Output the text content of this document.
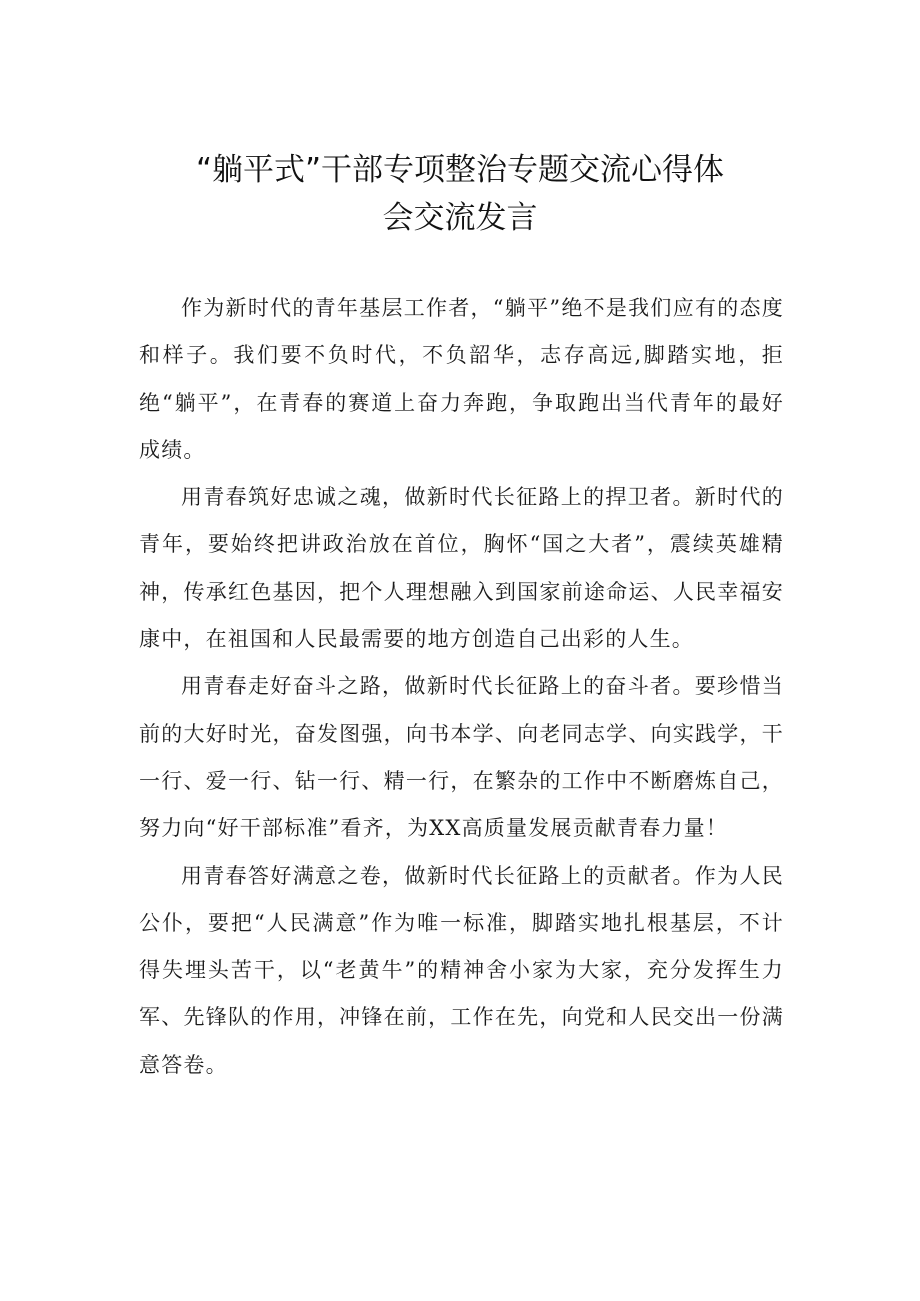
“躺平式”干部专项整治专题交流心得体
会交流发言

作为新时代的青年基层工作者，“躺平”绝不是我们应有的态度和样子。我们要不负时代，不负韶华，志存高远,脚踏实地，拒绝“躺平”，在青春的赛道上奋力奔跑，争取跑出当代青年的最好成绩。

用青春筑好忠诚之魂，做新时代长征路上的捍卫者。新时代的青年，要始终把讲政治放在首位，胸怀“国之大者”，震续英雄精神，传承红色基因，把个人理想融入到国家前途命运、人民幸福安康中，在祖国和人民最需要的地方创造自己出彩的人生。

用青春走好奋斗之路，做新时代长征路上的奋斗者。要珍惜当前的大好时光，奋发图强，向书本学、向老同志学、向实践学，干一行、爱一行、钻一行、精一行，在繁杂的工作中不断磨炼自己，努力向“好干部标准”看齐，为XX高质量发展贡献青春力量！

用青春答好满意之卷，做新时代长征路上的贡献者。作为人民公仆，要把“人民满意”作为唯一标准，脚踏实地扎根基层，不计得失埋头苦干，以“老黄牛”的精神舍小家为大家，充分发挥生力军、先锋队的作用，冲锋在前，工作在先，向党和人民交出一份满意答卷。
